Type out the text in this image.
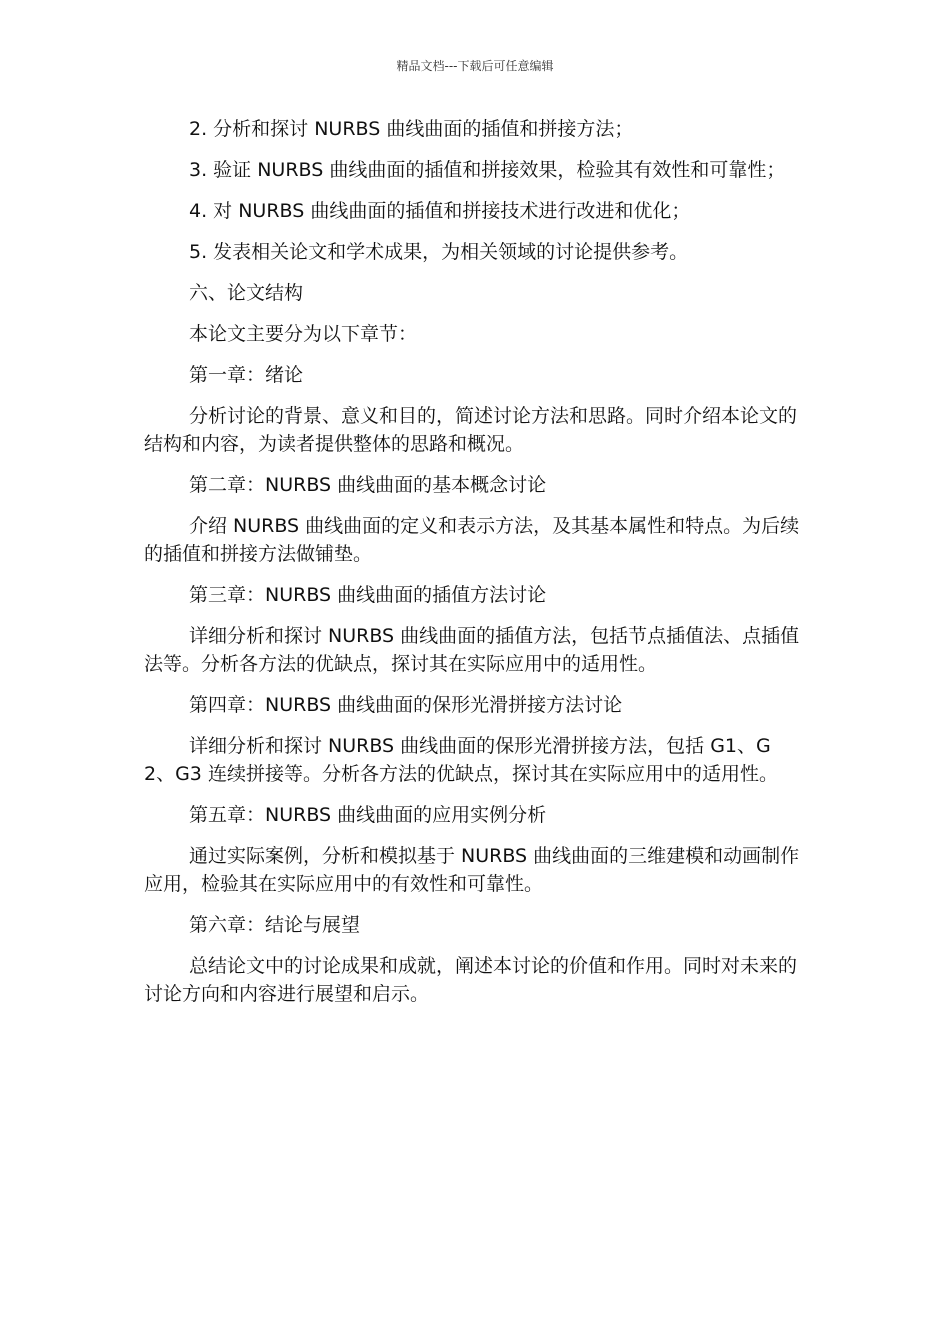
精品文档---下载后可任意编辑

2. 分析和探讨 NURBS 曲线曲面的插值和拼接方法；

3. 验证 NURBS 曲线曲面的插值和拼接效果，检验其有效性和可靠性；

4. 对 NURBS 曲线曲面的插值和拼接技术进行改进和优化；

5. 发表相关论文和学术成果，为相关领域的讨论提供参考。

六、论文结构

本论文主要分为以下章节：

第一章：绪论

分析讨论的背景、意义和目的，简述讨论方法和思路。同时介绍本论文的结构和内容，为读者提供整体的思路和概况。

第二章：NURBS 曲线曲面的基本概念讨论

介绍 NURBS 曲线曲面的定义和表示方法，及其基本属性和特点。为后续的插值和拼接方法做铺垫。

第三章：NURBS 曲线曲面的插值方法讨论

详细分析和探讨 NURBS 曲线曲面的插值方法，包括节点插值法、点插值法等。分析各方法的优缺点，探讨其在实际应用中的适用性。

第四章：NURBS 曲线曲面的保形光滑拼接方法讨论

详细分析和探讨 NURBS 曲线曲面的保形光滑拼接方法，包括 G1、G2、G3 连续拼接等。分析各方法的优缺点，探讨其在实际应用中的适用性。

第五章：NURBS 曲线曲面的应用实例分析

通过实际案例，分析和模拟基于 NURBS 曲线曲面的三维建模和动画制作应用，检验其在实际应用中的有效性和可靠性。

第六章：结论与展望

总结论文中的讨论成果和成就，阐述本讨论的价值和作用。同时对未来的讨论方向和内容进行展望和启示。
